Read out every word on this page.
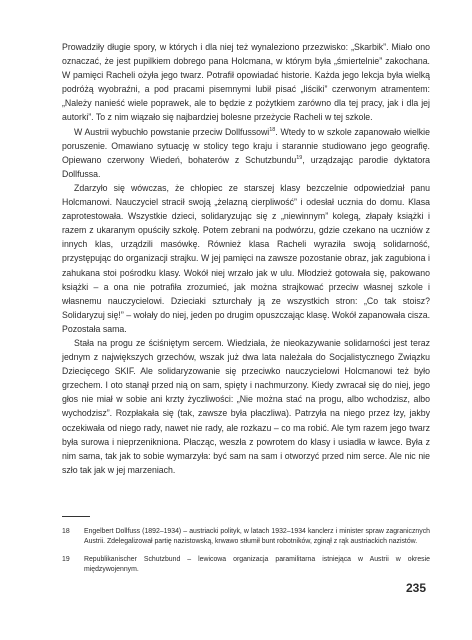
Prowadziły długie spory, w których i dla niej też wynaleziono przezwisko: „Skarbik”. Miało ono oznaczać, że jest pupilkiem dobrego pana Holcmana, w którym była „śmiertelnie” zakochana. W pamięci Racheli ożyła jego twarz. Potrafił opowiadać historie. Każda jego lekcja była wielką podróżą wyobraźni, a pod pracami pisemnymi lubił pisać „liściki” czerwonym atramentem: „Należy nanieść wiele poprawek, ale to będzie z pożytkiem zarówno dla tej pracy, jak i dla jej autorki”. To z nim wiązało się najbardziej bolesne przeżycie Racheli w tej szkole.

W Austrii wybuchło powstanie przeciw Dollfussowi$^{18}$. Wtedy to w szkole zapanowało wielkie poruszenie. Omawiano sytuację w stolicy tego kraju i starannie studiowano jego geografię. Opiewano czerwony Wiedeń, bohaterów z Schutzbundu$^{19}$, urządzając parodie dyktatora Dollfussa.

Zdarzyło się wówczas, że chłopiec ze starszej klasy bezczelnie odpowiedział panu Holcmanowi. Nauczyciel stracił swoją „żelazną cierpliwość” i odesłał ucznia do domu. Klasa zaprotestowała. Wszystkie dzieci, solidaryzując się z „niewinnym” kolegą, złapały książki i razem z ukaranym opuściły szkołę. Potem zebrani na podwórzu, gdzie czekano na uczniów z innych klas, urządzili masówkę. Również klasa Racheli wyraziła swoją solidarność, przystępując do organizacji strajku. W jej pamięci na zawsze pozostanie obraz, jak zagubiona i zahukana stoi pośrodku klasy. Wokół niej wrzało jak w ulu. Młodzież gotowała się, pakowano książki – a ona nie potrafiła zrozumieć, jak można strajkować przeciw własnej szkole i własnemu nauczycielowi. Dzieciaki szturchały ją ze wszystkich stron: „Co tak stoisz? Solidaryzuj się!” – wołały do niej, jeden po drugim opuszczając klasę. Wokół zapanowała cisza. Pozostała sama.

Stała na progu ze ściśniętym sercem. Wiedziała, że nieokazywanie solidarności jest teraz jednym z największych grzechów, wszak już dwa lata należała do Socjalistycznego Związku Dziecięcego SKIF. Ale solidaryzowanie się przeciwko nauczycielowi Holcmanowi też było grzechem. I oto stanął przed nią on sam, spięty i nachmurzony. Kiedy zwracał się do niej, jego głos nie miał w sobie ani krzty życzliwości: „Nie można stać na progu, albo wchodzisz, albo wychodzisz”. Rozpłakała się (tak, zawsze była płaczliwa). Patrzyła na niego przez łzy, jakby oczekiwała od niego rady, nawet nie rady, ale rozkazu – co ma robić. Ale tym razem jego twarz była surowa i nieprzenikniona. Płacząc, weszła z powrotem do klasy i usiadła w ławce. Była z nim sama, tak jak to sobie wymarzyła: być sam na sam i otworzyć przed nim serce. Ale nic nie szło tak jak w jej marzeniach.

18 Engelbert Dollfuss (1892–1934) – austriacki polityk, w latach 1932–1934 kanclerz i minister spraw zagranicznych Austrii. Zdelegalizował partię nazistowską, krwawo stłumił bunt robotników, zginął z rąk austriackich nazistów.
19 Republikanischer Schutzbund – lewicowa organizacja paramilitarna istniejąca w Austrii w okresie międzywojennym.
235
